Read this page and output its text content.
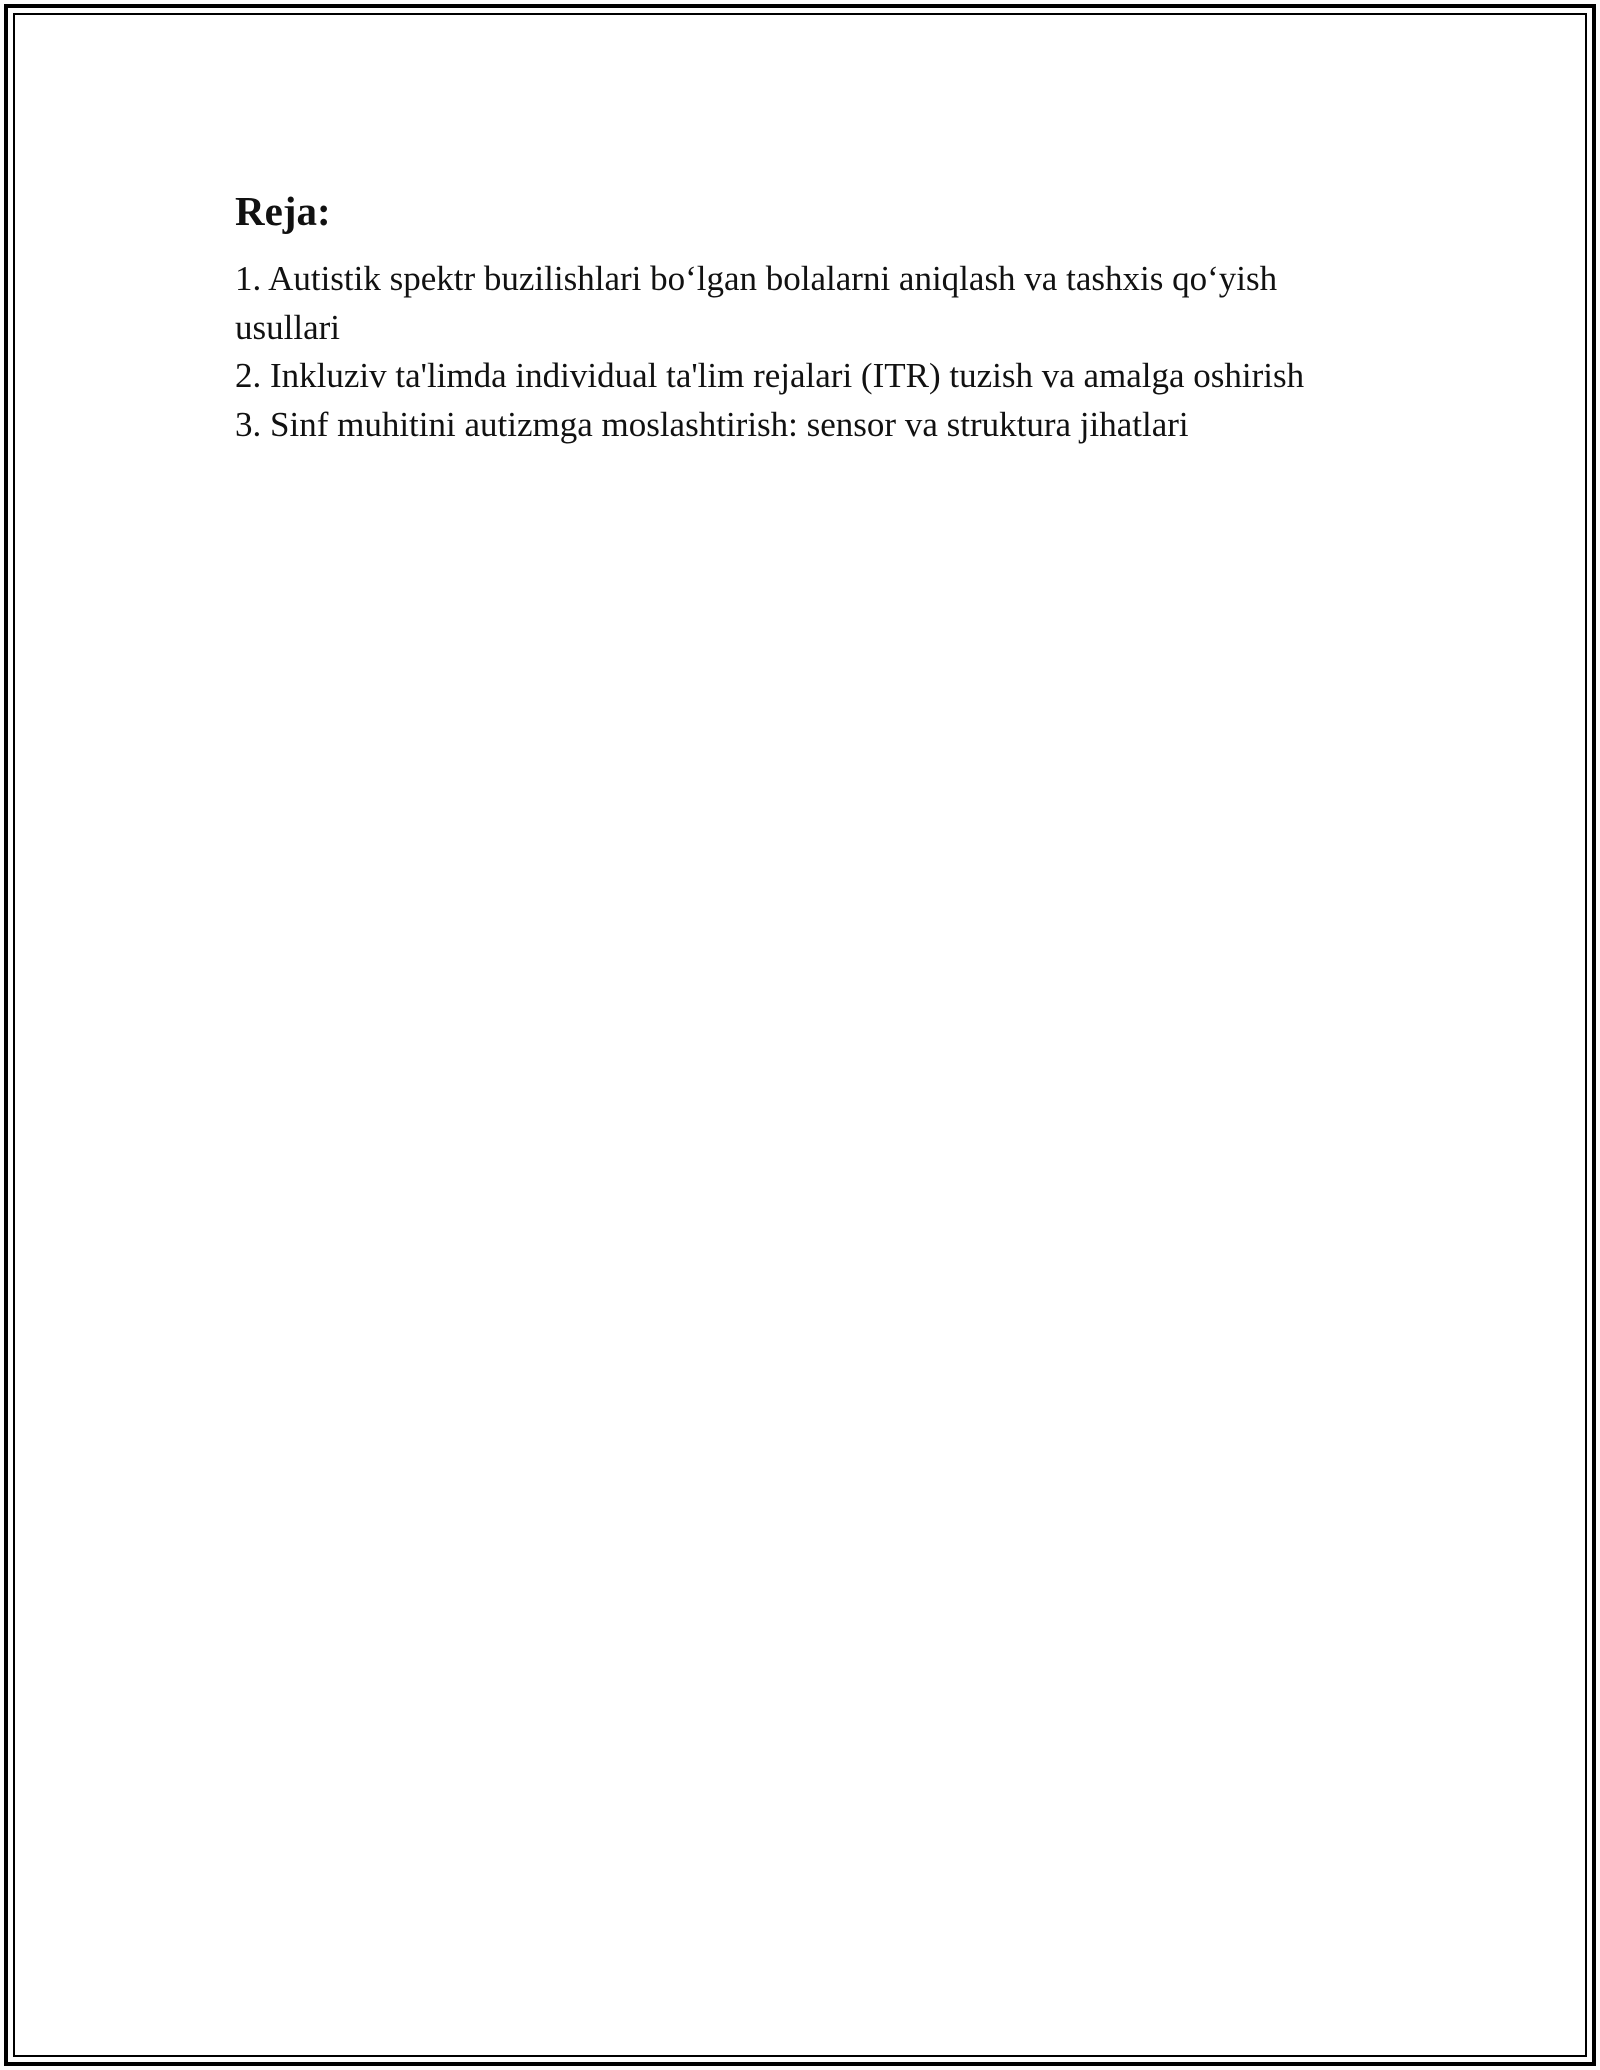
Reja:
1. Autistik spektr buzilishlari bo‘lgan bolalarni aniqlash va tashxis qo‘yish usullari
2. Inkluziv ta'limda individual ta'lim rejalari (ITR) tuzish va amalga oshirish
3. Sinf muhitini autizmga moslashtirish: sensor va struktura jihatlari
